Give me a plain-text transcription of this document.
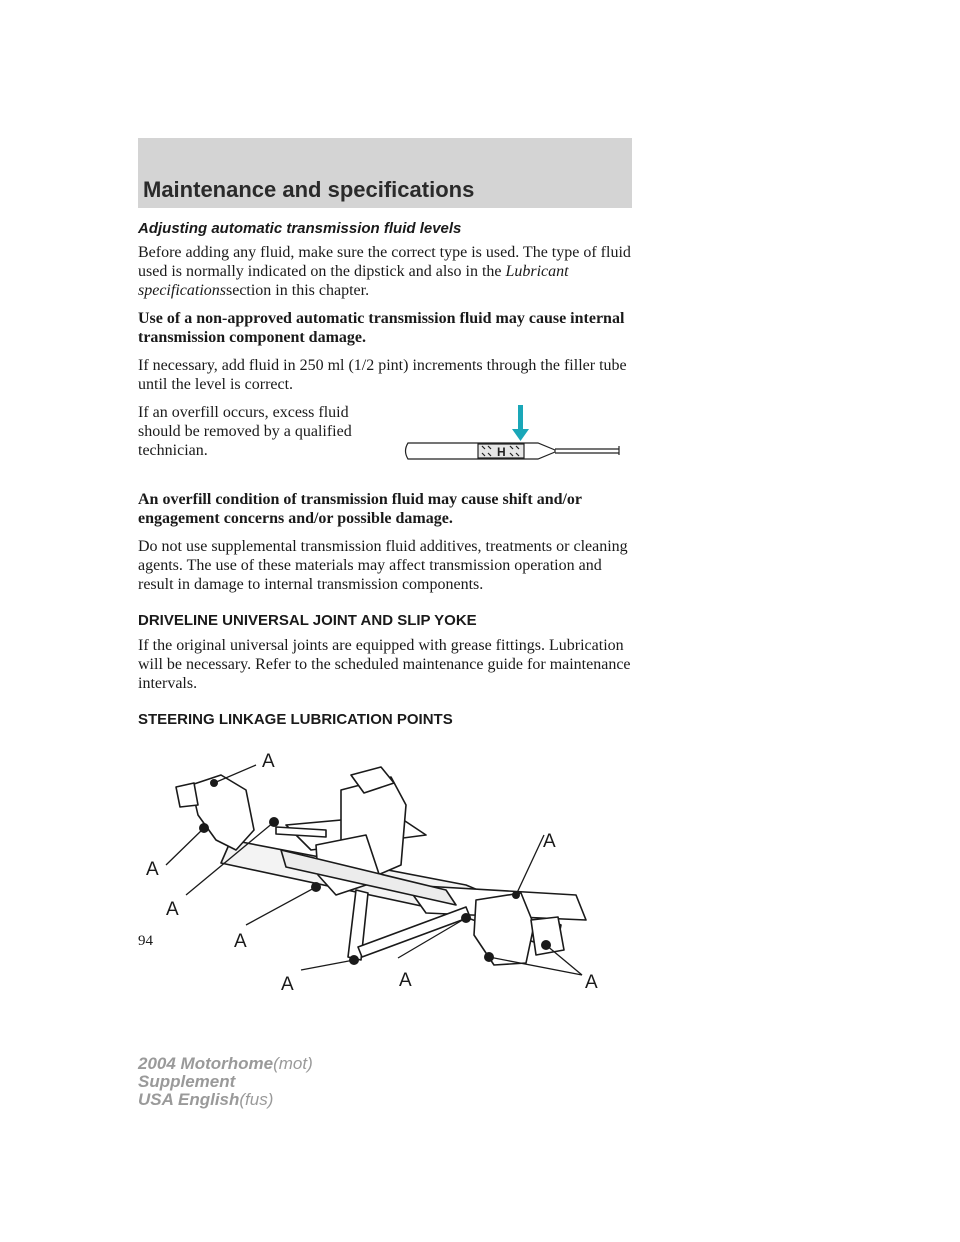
Maintenance and specifications
Adjusting automatic transmission fluid levels

Before adding any fluid, make sure the correct type is used. The type of fluid used is normally indicated on the dipstick and also in the Lubricant specificationssection in this chapter.

Use of a non-approved automatic transmission fluid may cause internal transmission component damage.

If necessary, add fluid in 250 ml (1/2 pint) increments through the filler tube until the level is correct.

If an overfill occurs, excess fluid should be removed by a qualified technician.	H

An overfill condition of transmission fluid may cause shift and/or engagement concerns and/or possible damage.

Do not use supplemental transmission fluid additives, treatments or cleaning agents. The use of these materials may affect transmission operation and result in damage to internal transmission components.

DRIVELINE UNIVERSAL JOINT AND SLIP YOKE

If the original universal joints are equipped with grease fittings. Lubrication will be necessary. Refer to the scheduled maintenance guide for maintenance intervals.

STEERING LINKAGE LUBRICATION POINTS
A
A
A
A
A	A
A
A

94

2004 Motorhome(mot)
Supplement
USA English(fus)
